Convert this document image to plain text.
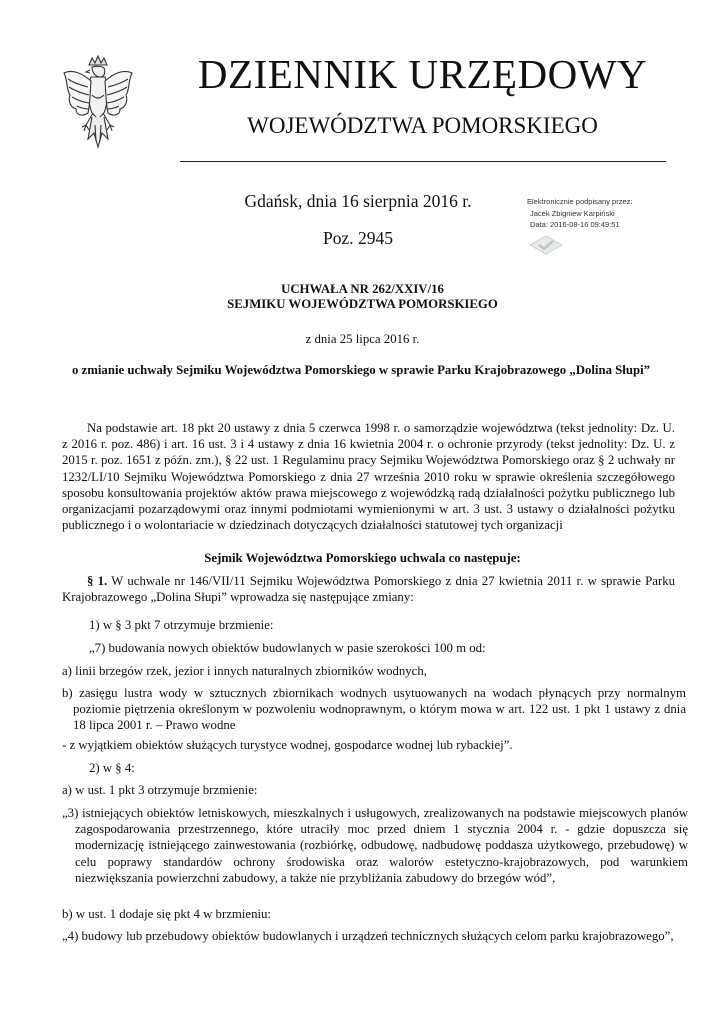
DZIENNIK URZĘDOWY
WOJEWÓDZTWA POMORSKIEGO
Gdańsk, dnia 16 sierpnia 2016 r.
Poz. 2945
Elektronicznie podpisany przez:
Jacek Zbigniew Karpiński
Data: 2016-08-16 09:49:51
UCHWAŁA NR 262/XXIV/16
SEJMIKU WOJEWÓDZTWA POMORSKIEGO
z dnia 25 lipca 2016 r.
o zmianie uchwały Sejmiku Województwa Pomorskiego w sprawie Parku Krajobrazowego „Dolina Słupi”
Na podstawie art. 18 pkt 20 ustawy z dnia 5 czerwca 1998 r. o samorządzie województwa (tekst jednolity: Dz. U. z 2016 r. poz. 486) i art. 16 ust. 3 i 4 ustawy z dnia 16 kwietnia 2004 r. o ochronie przyrody (tekst jednolity: Dz. U. z 2015 r. poz. 1651 z późn. zm.), § 22 ust. 1 Regulaminu pracy Sejmiku Województwa Pomorskiego oraz § 2 uchwały nr 1232/LI/10 Sejmiku Województwa Pomorskiego z dnia 27 września 2010 roku w sprawie określenia szczegółowego sposobu konsultowania projektów aktów prawa miejscowego z wojewódzką radą działalności pożytku publicznego lub organizacjami pozarządowymi oraz innymi podmiotami wymienionymi w art. 3 ust. 3 ustawy o działalności pożytku publicznego i o wolontariacie w dziedzinach dotyczących działalności statutowej tych organizacji
Sejmik Województwa Pomorskiego uchwala co następuje:
§ 1. W uchwale nr 146/VII/11 Sejmiku Województwa Pomorskiego z dnia 27 kwietnia 2011 r. w sprawie Parku Krajobrazowego „Dolina Słupi” wprowadza się następujące zmiany:
1) w § 3 pkt 7 otrzymuje brzmienie:
„7) budowania nowych obiektów budowlanych w pasie szerokości 100 m od:
a) linii brzegów rzek, jezior i innych naturalnych zbiorników wodnych,
b) zasięgu lustra wody w sztucznych zbiornikach wodnych usytuowanych na wodach płynących przy normalnym poziomie piętrzenia określonym w pozwoleniu wodnoprawnym, o którym mowa w art. 122 ust. 1 pkt 1 ustawy z dnia 18 lipca 2001 r. – Prawo wodne
- z wyjątkiem obiektów służących turystyce wodnej, gospodarce wodnej lub rybackiej”.
2) w § 4:
a) w ust. 1 pkt 3 otrzymuje brzmienie:
„3) istniejących obiektów letniskowych, mieszkalnych i usługowych, zrealizowanych na podstawie miejscowych planów zagospodarowania przestrzennego, które utraciły moc przed dniem 1 stycznia 2004 r. - gdzie dopuszcza się modernizację istniejącego zainwestowania (rozbiórkę, odbudowę, nadbudowę poddasza użytkowego, przebudowę) w celu poprawy standardów ochrony środowiska oraz walorów estetyczno-krajobrazowych, pod warunkiem niezwiększania powierzchni zabudowy, a także nie przybliżania zabudowy do brzegów wód”,
b) w ust. 1 dodaje się pkt 4 w brzmieniu:
„4) budowy lub przebudowy obiektów budowlanych i urządzeń technicznych służących celom parku krajobrazowego”,
